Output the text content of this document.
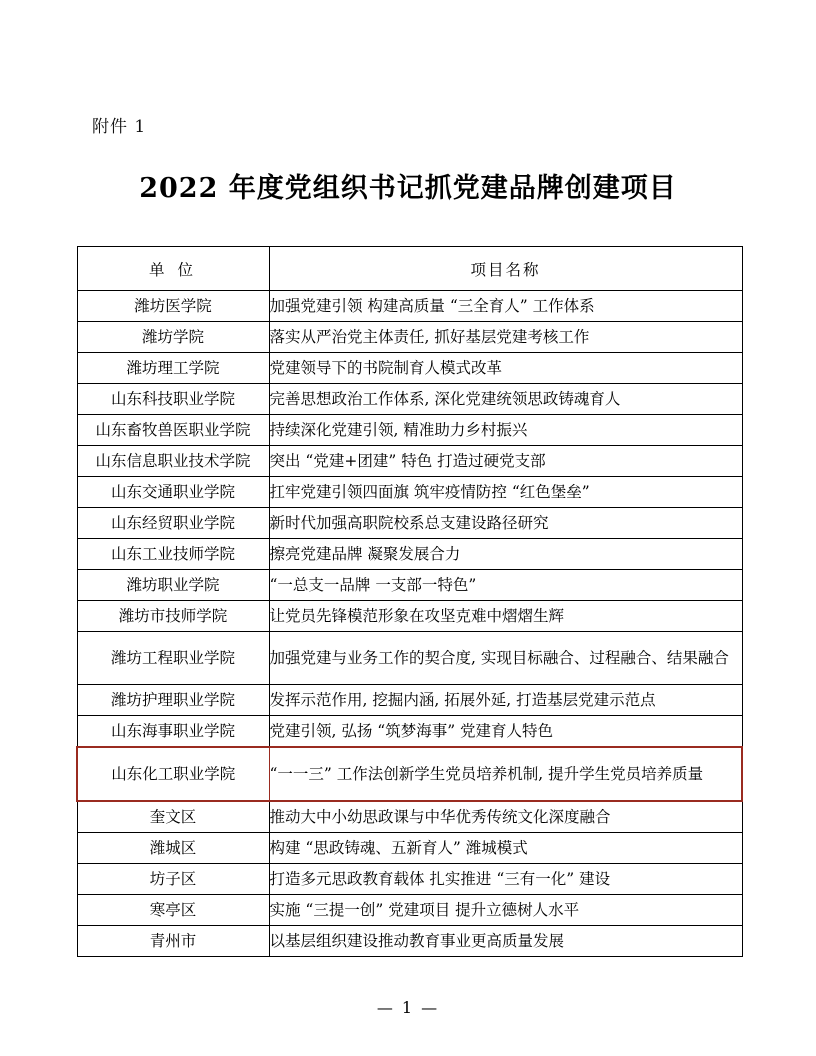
附件 1
2022 年度党组织书记抓党建品牌创建项目
单 位	项目名称
潍坊医学院	加强党建引领 构建高质量 “三全育人” 工作体系
潍坊学院	落实从严治党主体责任, 抓好基层党建考核工作
潍坊理工学院	党建领导下的书院制育人模式改革
山东科技职业学院	完善思想政治工作体系, 深化党建统领思政铸魂育人
山东畜牧兽医职业学院	持续深化党建引领, 精准助力乡村振兴
山东信息职业技术学院	突出 “党建+团建” 特色 打造过硬党支部
山东交通职业学院	扛牢党建引领四面旗 筑牢疫情防控 “红色堡垒”
山东经贸职业学院	新时代加强高职院校系总支建设路径研究
山东工业技师学院	擦亮党建品牌 凝聚发展合力
潍坊职业学院	“一总支一品牌 一支部一特色”
潍坊市技师学院	让党员先锋模范形象在攻坚克难中熠熠生辉
潍坊工程职业学院	加强党建与业务工作的契合度, 实现目标融合、过程融合、结果融合
潍坊护理职业学院	发挥示范作用, 挖掘内涵, 拓展外延, 打造基层党建示范点
山东海事职业学院	党建引领, 弘扬 “筑梦海事” 党建育人特色
山东化工职业学院	“一一三” 工作法创新学生党员培养机制, 提升学生党员培养质量
奎文区	推动大中小幼思政课与中华优秀传统文化深度融合
潍城区	构建 “思政铸魂、五新育人” 潍城模式
坊子区	打造多元思政教育载体 扎实推进 “三有一化” 建设
寒亭区	实施 “三提一创” 党建项目 提升立德树人水平
青州市	以基层组织建设推动教育事业更高质量发展
— 1 —
